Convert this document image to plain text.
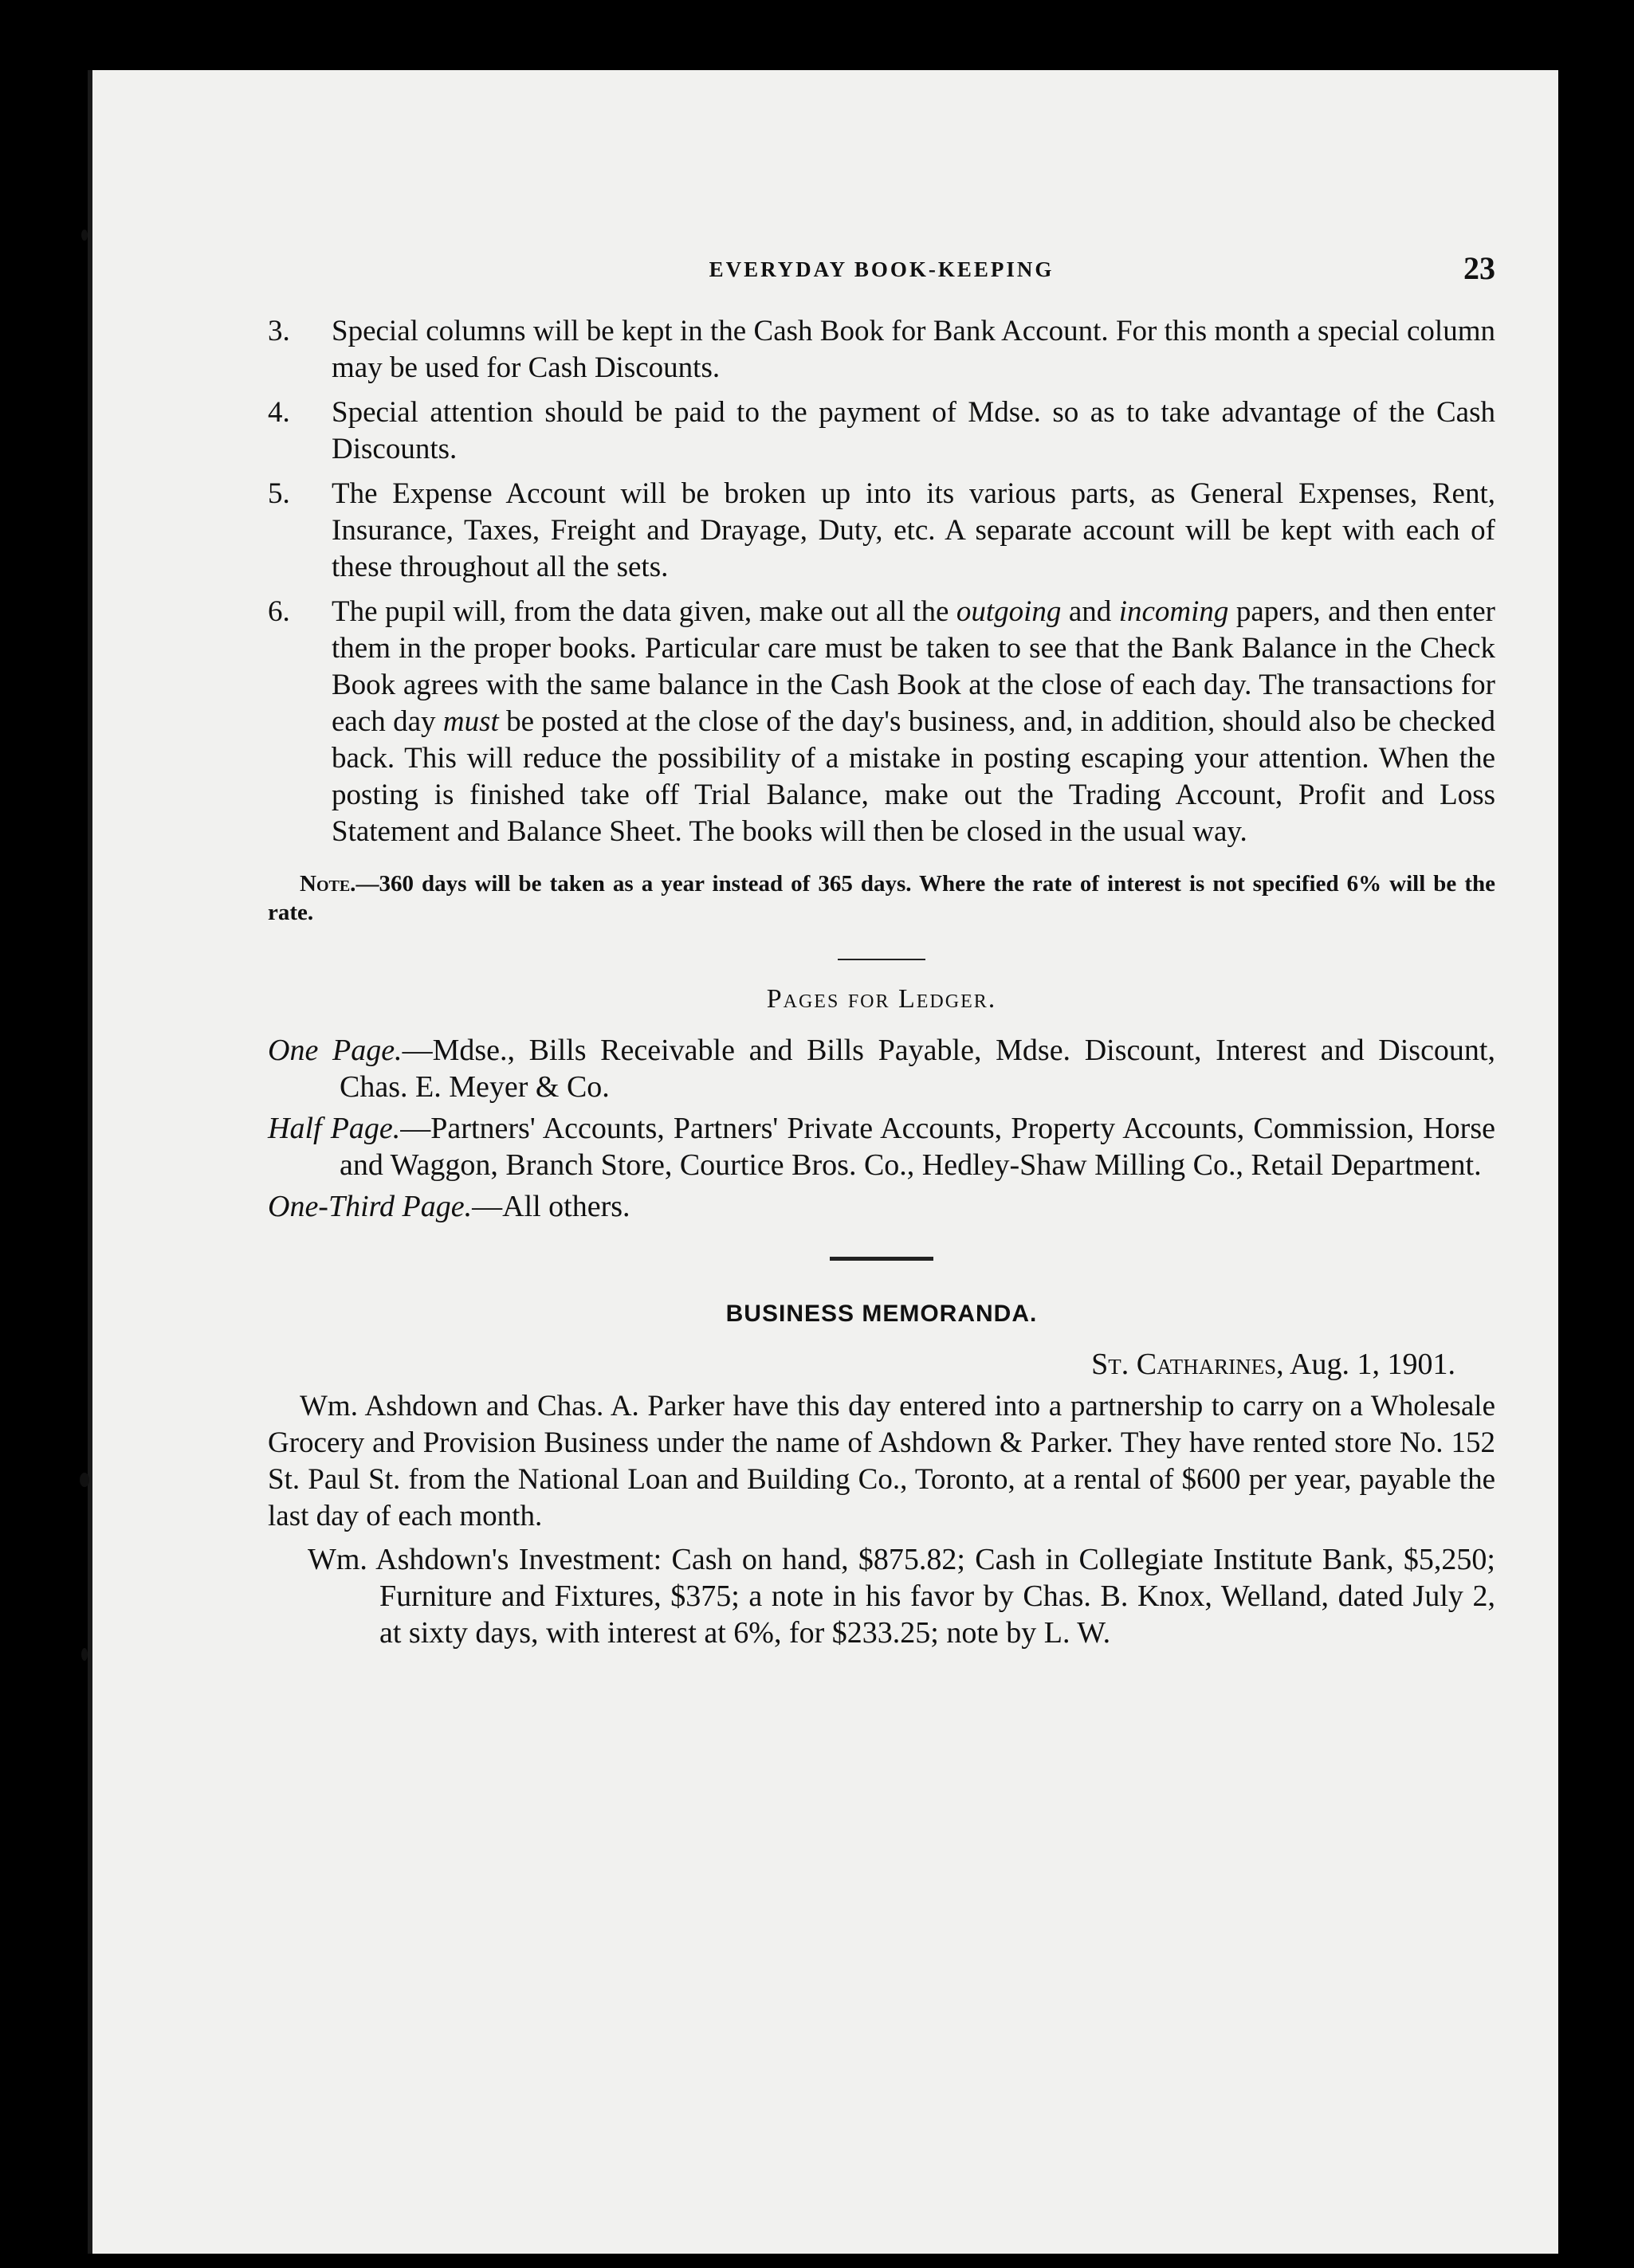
EVERYDAY BOOK-KEEPING	23
3. Special columns will be kept in the Cash Book for Bank Account. For this month a special column may be used for Cash Discounts.
4. Special attention should be paid to the payment of Mdse. so as to take advantage of the Cash Discounts.
5. The Expense Account will be broken up into its various parts, as General Expenses, Rent, Insurance, Taxes, Freight and Drayage, Duty, etc. A separate account will be kept with each of these throughout all the sets.
6. The pupil will, from the data given, make out all the outgoing and incoming papers, and then enter them in the proper books. Particular care must be taken to see that the Bank Balance in the Check Book agrees with the same balance in the Cash Book at the close of each day. The transactions for each day must be posted at the close of the day's business, and, in addition, should also be checked back. This will reduce the possibility of a mistake in posting escaping your attention. When the posting is finished take off Trial Balance, make out the Trading Account, Profit and Loss Statement and Balance Sheet. The books will then be closed in the usual way.
Note.—360 days will be taken as a year instead of 365 days. Where the rate of interest is not specified 6% will be the rate.
Pages for Ledger.
One Page.—Mdse., Bills Receivable and Bills Payable, Mdse. Discount, Interest and Discount, Chas. E. Meyer & Co.
Half Page.—Partners' Accounts, Partners' Private Accounts, Property Accounts, Commission, Horse and Waggon, Branch Store, Courtice Bros. Co., Hedley-Shaw Milling Co., Retail Department.
One-Third Page.—All others.
BUSINESS MEMORANDA.
St. Catharines, Aug. 1, 1901.
Wm. Ashdown and Chas. A. Parker have this day entered into a partnership to carry on a Wholesale Grocery and Provision Business under the name of Ashdown & Parker. They have rented store No. 152 St. Paul St. from the National Loan and Building Co., Toronto, at a rental of $600 per year, payable the last day of each month.
Wm. Ashdown's Investment: Cash on hand, $875.82; Cash in Collegiate Institute Bank, $5,250; Furniture and Fixtures, $375; a note in his favor by Chas. B. Knox, Welland, dated July 2, at sixty days, with interest at 6%, for $233.25; note by L. W.
